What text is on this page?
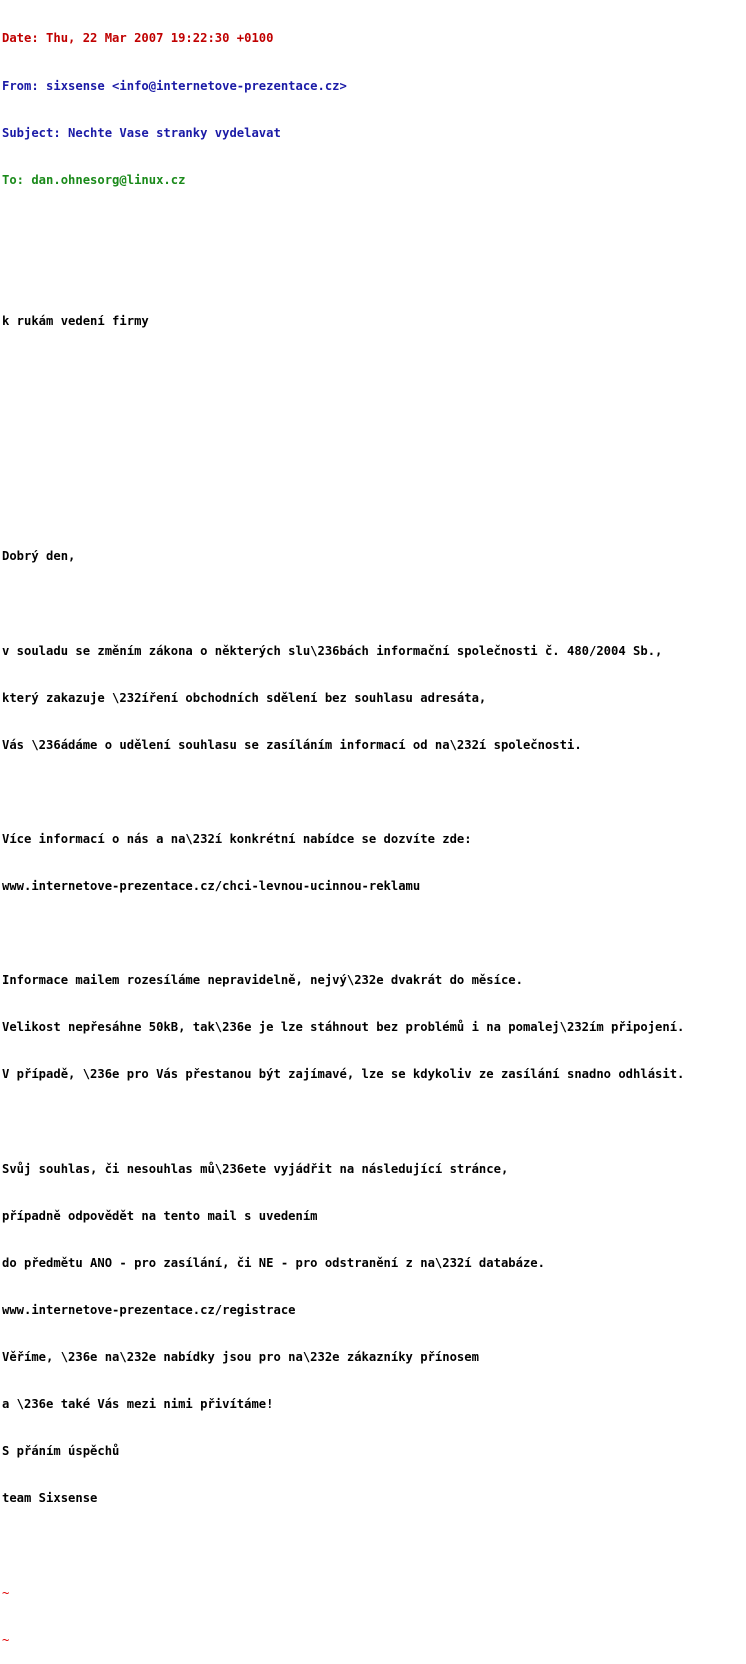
Date: Thu, 22 Mar 2007 19:22:30 +0100

From: sixsense <info@internetove-prezentace.cz>

Subject: Nechte Vase stranky vydelavat

To: dan.ohnesorg@linux.cz

k rukám vedení firmy

Dobrý den,

v souladu se změním zákona o některých slu\236bách informační společnosti č. 480/2004 Sb.,

který zakazuje \232íření obchodních sdělení bez souhlasu adresáta,

Vás \236ádáme o udělení souhlasu se zasíláním informací od na\232í společnosti.

Více informací o nás a na\232í konkrétní nabídce se dozvíte zde:

www.internetove-prezentace.cz/chci-levnou-ucinnou-reklamu

Informace mailem rozesíláme nepravidelně, nejvý\232e dvakrát do měsíce.

Velikost nepřesáhne 50kB, tak\236e je lze stáhnout bez problémů i na pomalej\232ím připojení.

V případě, \236e pro Vás přestanou být zajímavé, lze se kdykoliv ze zasílání snadno odhlásit.

Svůj souhlas, či nesouhlas mů\236ete vyjádřit na následující stránce,

případně odpovědět na tento mail s uvedením

do předmětu ANO - pro zasílání, či NE - pro odstranění z na\232í databáze.

www.internetove-prezentace.cz/registrace

Věříme, \236e na\232e nabídky jsou pro na\232e zákazníky přínosem

a \236e také Vás mezi nimi přivítáme!

S přáním úspěchů

team Sixsense

~

~
